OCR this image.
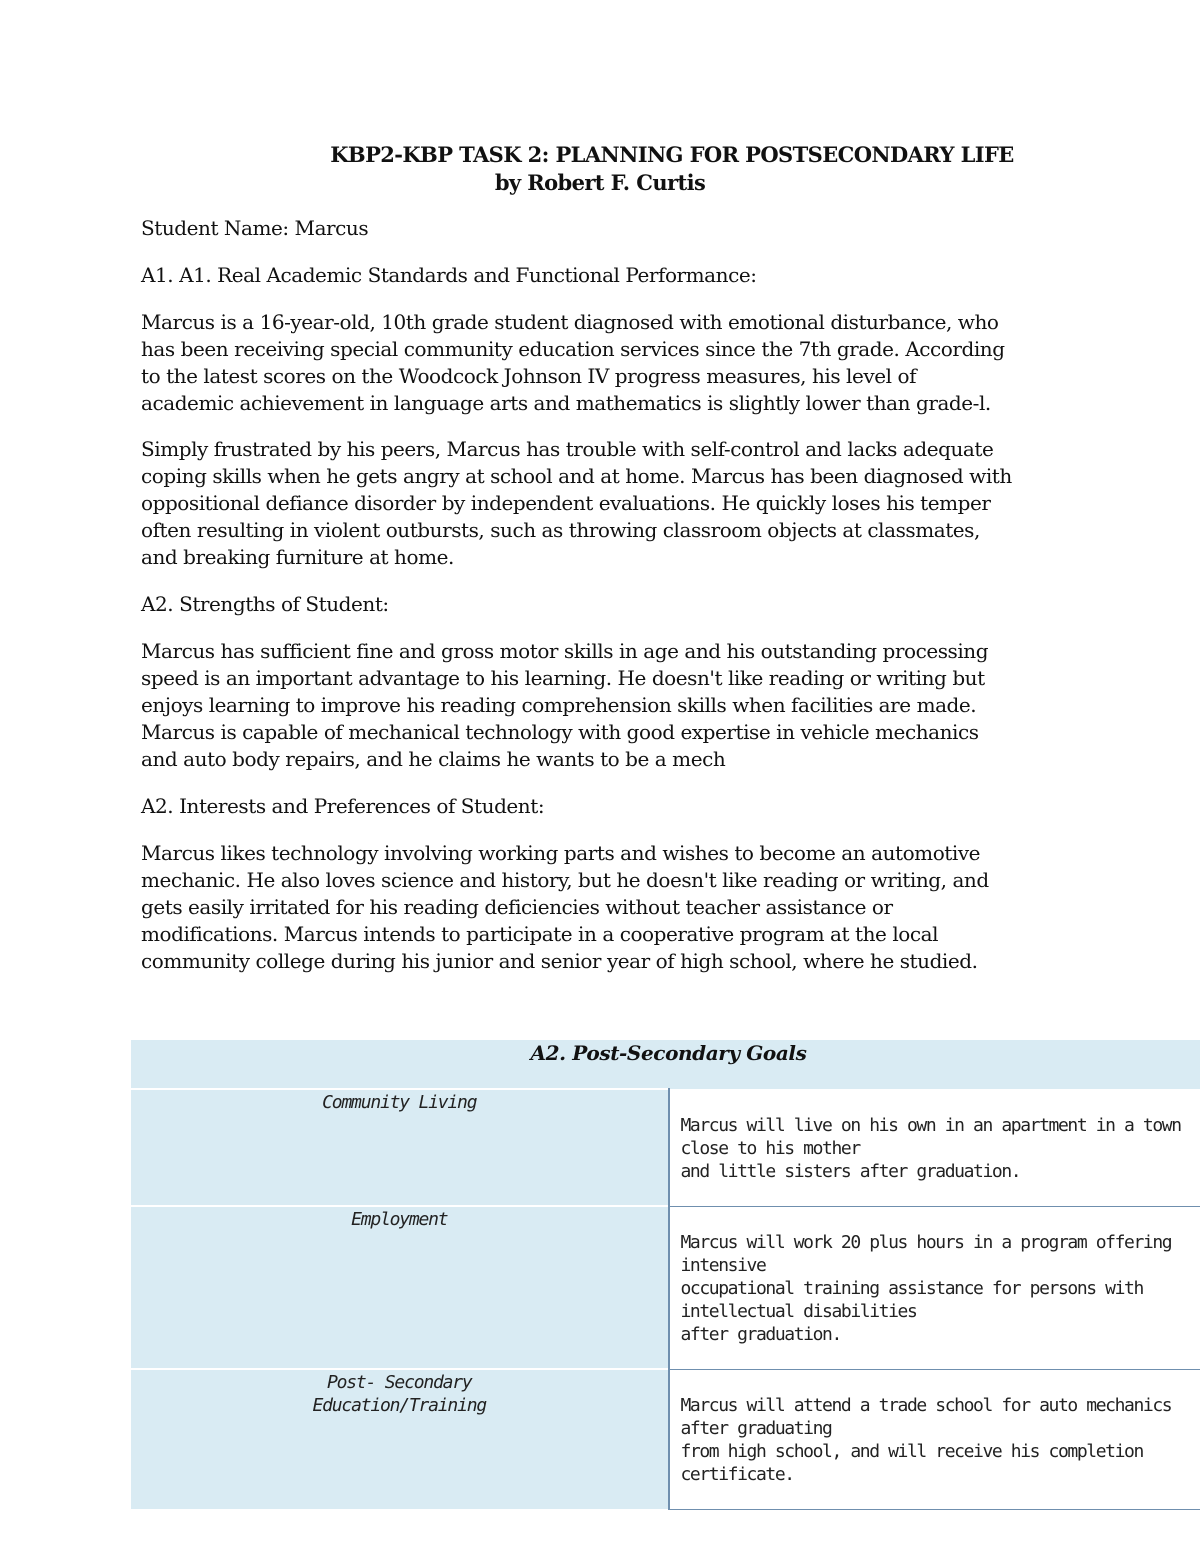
KBP2-KBP TASK 2: PLANNING FOR POSTSECONDARY LIFE
by Robert F. Curtis

Student Name: Marcus

A1. A1. Real Academic Standards and Functional Performance:

Marcus is a 16-year-old, 10th grade student diagnosed with emotional disturbance, who
has been receiving special community education services since the 7th grade. According
to the latest scores on the Woodcock Johnson IV progress measures, his level of
academic achievement in language arts and mathematics is slightly lower than grade-l.

Simply frustrated by his peers, Marcus has trouble with self-control and lacks adequate
coping skills when he gets angry at school and at home. Marcus has been diagnosed with
oppositional defiance disorder by independent evaluations. He quickly loses his temper
often resulting in violent outbursts, such as throwing classroom objects at classmates,
and breaking furniture at home.

A2. Strengths of Student:

Marcus has sufficient fine and gross motor skills in age and his outstanding processing
speed is an important advantage to his learning. He doesn't like reading or writing but
enjoys learning to improve his reading comprehension skills when facilities are made.
Marcus is capable of mechanical technology with good expertise in vehicle mechanics
and auto body repairs, and he claims he wants to be a mech

A2. Interests and Preferences of Student:

Marcus likes technology involving working parts and wishes to become an automotive
mechanic. He also loves science and history, but he doesn't like reading or writing, and
gets easily irritated for his reading deficiencies without teacher assistance or
modifications. Marcus intends to participate in a cooperative program at the local
community college during his junior and senior year of high school, where he studied.

A2. Post-Secondary Goals	

Community Living	Marcus will live on his own in an apartment in a town close to his mother
and little sisters after graduation.

Employment	Marcus will work 20 plus hours in a program offering intensive
occupational training assistance for persons with intellectual disabilities
after graduation.

Post- Secondary
Education/Training	Marcus will attend a trade school for auto mechanics after graduating
from high school, and will receive his completion certificate.
